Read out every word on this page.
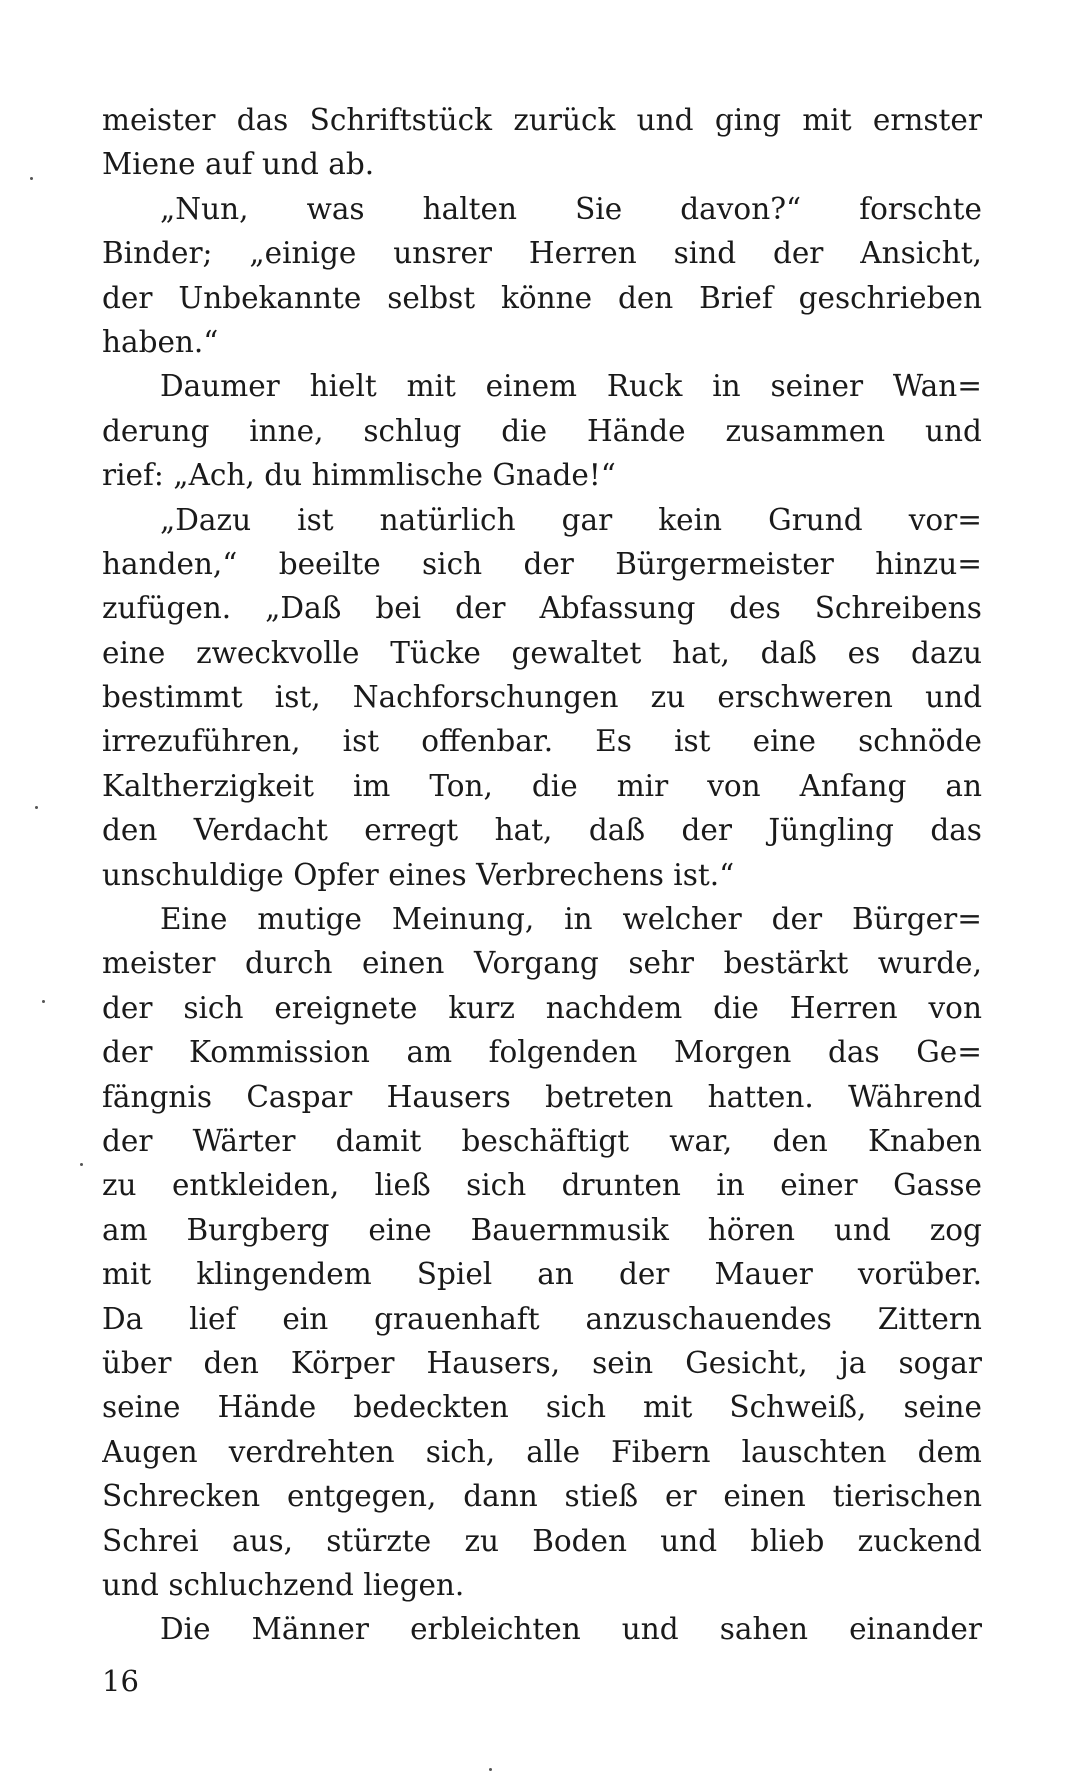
meister das Schriftstück zurück und ging mit ernster
Miene auf und ab.
„Nun, was halten Sie davon?“ forschte
Binder; „einige unsrer Herren sind der Ansicht,
der Unbekannte selbst könne den Brief geschrieben
haben.“
Daumer hielt mit einem Ruck in seiner Wan=
derung inne, schlug die Hände zusammen und
rief: „Ach, du himmlische Gnade!“
„Dazu ist natürlich gar kein Grund vor=
handen,“ beeilte sich der Bürgermeister hinzu=
zufügen. „Daß bei der Abfassung des Schreibens
eine zweckvolle Tücke gewaltet hat, daß es dazu
bestimmt ist, Nachforschungen zu erschweren und
irrezuführen, ist offenbar. Es ist eine schnöde
Kaltherzigkeit im Ton, die mir von Anfang an
den Verdacht erregt hat, daß der Jüngling das
unschuldige Opfer eines Verbrechens ist.“
Eine mutige Meinung, in welcher der Bürger=
meister durch einen Vorgang sehr bestärkt wurde,
der sich ereignete kurz nachdem die Herren von
der Kommission am folgenden Morgen das Ge=
fängnis Caspar Hausers betreten hatten. Während
der Wärter damit beschäftigt war, den Knaben
zu entkleiden, ließ sich drunten in einer Gasse
am Burgberg eine Bauernmusik hören und zog
mit klingendem Spiel an der Mauer vorüber.
Da lief ein grauenhaft anzuschauendes Zittern
über den Körper Hausers, sein Gesicht, ja sogar
seine Hände bedeckten sich mit Schweiß, seine
Augen verdrehten sich, alle Fibern lauschten dem
Schrecken entgegen, dann stieß er einen tierischen
Schrei aus, stürzte zu Boden und blieb zuckend
und schluchzend liegen.
Die Männer erbleichten und sahen einander
16
